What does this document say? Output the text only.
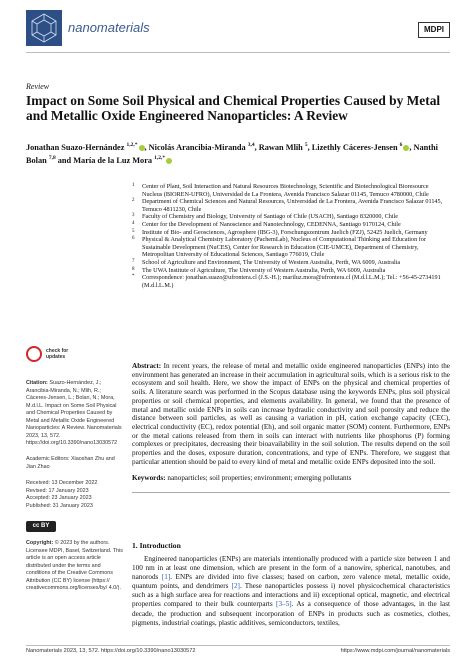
nanomaterials	MDPI
Review
Impact on Some Soil Physical and Chemical Properties Caused by Metal and Metallic Oxide Engineered Nanoparticles: A Review
Jonathan Suazo-Hernández $^{1,2,*}$ , Nicolás Arancibia-Miranda $^{3,4}$, Rawan Mlih $^5$, Lizethly Cáceres-Jensen $^6$ , Nanthi Bolan $^{7,8}$ and María de la Luz Mora $^{1,2,*}$
1 Center of Plant, Soil Interaction and Natural Resources Biotechnology, Scientific and Biotechnological Bioresource Nucleus (BIOREN-UFRO), Universidad de La Frontera, Avenida Francisco Salazar 01145, Temuco 4780000, Chile
2 Department of Chemical Sciences and Natural Resources, Universidad de La Frontera, Avenida Francisco Salazar 01145, Temuco 4811230, Chile
3 Faculty of Chemistry and Biology, University of Santiago of Chile (USACH), Santiago 8320000, Chile
4 Center for the Development of Nanoscience and Nanotechnology, CEDENNA, Santiago 9170124, Chile
5 Institute of Bio- and Geosciences, Agrosphere (IBG-3), Forschungszentrum Juelich (FZJ), 52425 Juelich, Germany
6 Physical & Analytical Chemistry Laboratory (PachemLab), Nucleus of Computational Thinking and Education for Sustainable Development (NuCES), Center for Research in Education (CIE-UMCE), Department of Chemistry, Metropolitan University of Educational Sciences, Santiago 776019, Chile
7 School of Agriculture and Environment, The University of Western Australia, Perth, WA 6009, Australia
8 The UWA Institute of Agriculture, The University of Western Australia, Perth, WA 6009, Australia
* Correspondence: jonathan.suazo@ufrontera.cl (J.S.-H.); mariluz.mora@ufrontera.cl (M.d.l.L.M.); Tel.: +56-45-2734191 (M.d.l.L.M.)
check for
updates
Citation: Suazo-Hernández, J.; Arancibia-Miranda, N.; Mlih, R.; Cáceres-Jensen, L.; Bolan, N.; Mora, M.d.l.L. Impact on Some Soil Physical and Chemical Properties Caused by Metal and Metallic Oxide Engineered Nanoparticles: A Review. Nanomaterials 2023, 13, 572. https://doi.org/10.3390/nano13030572
Academic Editors: Xiaoshan Zhu and Jian Zhao
Received: 13 December 2022
Revised: 17 January 2023
Accepted: 23 January 2023
Published: 31 January 2023
cc BY
Copyright: © 2023 by the authors. Licensee MDPI, Basel, Switzerland. This article is an open access article distributed under the terms and conditions of the Creative Commons Attribution (CC BY) license (https:// creativecommons.org/licenses/by/ 4.0/).

Abstract: In recent years, the release of metal and metallic oxide engineered nanoparticles (ENPs) into the environment has generated an increase in their accumulation in agricultural soils, which is a serious risk to the ecosystem and soil health. Here, we show the impact of ENPs on the physical and chemical properties of soils. A literature search was performed in the Scopus database using the keywords ENPs, plus soil physical properties or soil chemical properties, and elements availability. In general, we found that the presence of metal and metallic oxide ENPs in soils can increase hydraulic conductivity and soil porosity and reduce the distance between soil particles, as well as causing a variation in pH, cation exchange capacity (CEC), electrical conductivity (EC), redox potential (Eh), and soil organic matter (SOM) content. Furthermore, ENPs or the metal cations released from them in soils can interact with nutrients like phosphorus (P) forming complexes or precipitates, decreasing their bioavailability in the soil solution. The results depend on the soil properties and the doses, exposure duration, concentrations, and type of ENPs. Therefore, we suggest that particular attention should be paid to every kind of metal and metallic oxide ENPs deposited into the soil.

Keywords: nanoparticles; soil properties; environment; emerging pollutants

1. Introduction

Engineered nanoparticles (ENPs) are materials intentionally produced with a particle size between 1 and 100 nm in at least one dimension, which are present in the form of a nanowire, spherical, nanotubes, and nanorods [1]. ENPs are divided into five classes; based on carbon, zero valence metal, metallic oxide, quantum points, and dendrimers [2]. These nanoparticles possess i) novel physicochemical characteristics such as a high surface area for reactions and interactions and ii) exceptional optical, magnetic, and electrical properties compared to their bulk counterparts [3–5]. As a consequence of those advantages, in the last decade, the production and subsequent incorporation of ENPs in products such as cosmetics, clothes, pigments, industrial coatings, plastic additives, semiconductors, textiles,

Nanomaterials 2023, 13, 572. https://doi.org/10.3390/nano13030572	https://www.mdpi.com/journal/nanomaterials
